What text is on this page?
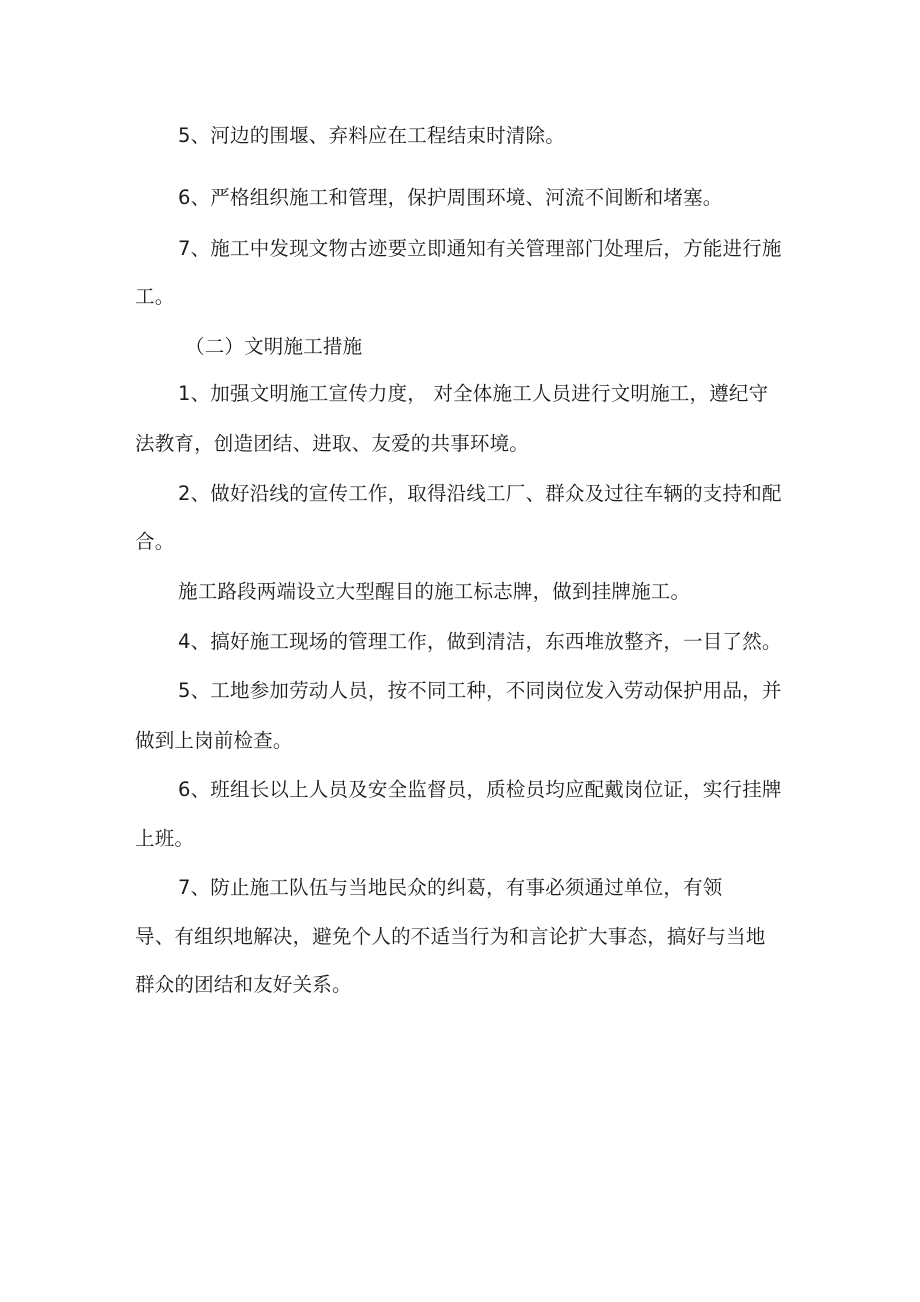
5、河边的围堰、弃料应在工程结束时清除。
6、严格组织施工和管理，保护周围环境、河流不间断和堵塞。
7、施工中发现文物古迹要立即通知有关管理部门处理后，方能进行施
工。
（二）文明施工措施
1、加强文明施工宣传力度， 对全体施工人员进行文明施工，遵纪守
法教育，创造团结、进取、友爱的共事环境。
2、做好沿线的宣传工作，取得沿线工厂、群众及过往车辆的支持和配
合。
施工路段两端设立大型醒目的施工标志牌，做到挂牌施工。
4、搞好施工现场的管理工作，做到清洁，东西堆放整齐，一目了然。
5、工地参加劳动人员，按不同工种，不同岗位发入劳动保护用品，并
做到上岗前检查。
6、班组长以上人员及安全监督员，质检员均应配戴岗位证，实行挂牌
上班。
7、防止施工队伍与当地民众的纠葛，有事必须通过单位，有领
导、有组织地解决，避免个人的不适当行为和言论扩大事态，搞好与当地
群众的团结和友好关系。
